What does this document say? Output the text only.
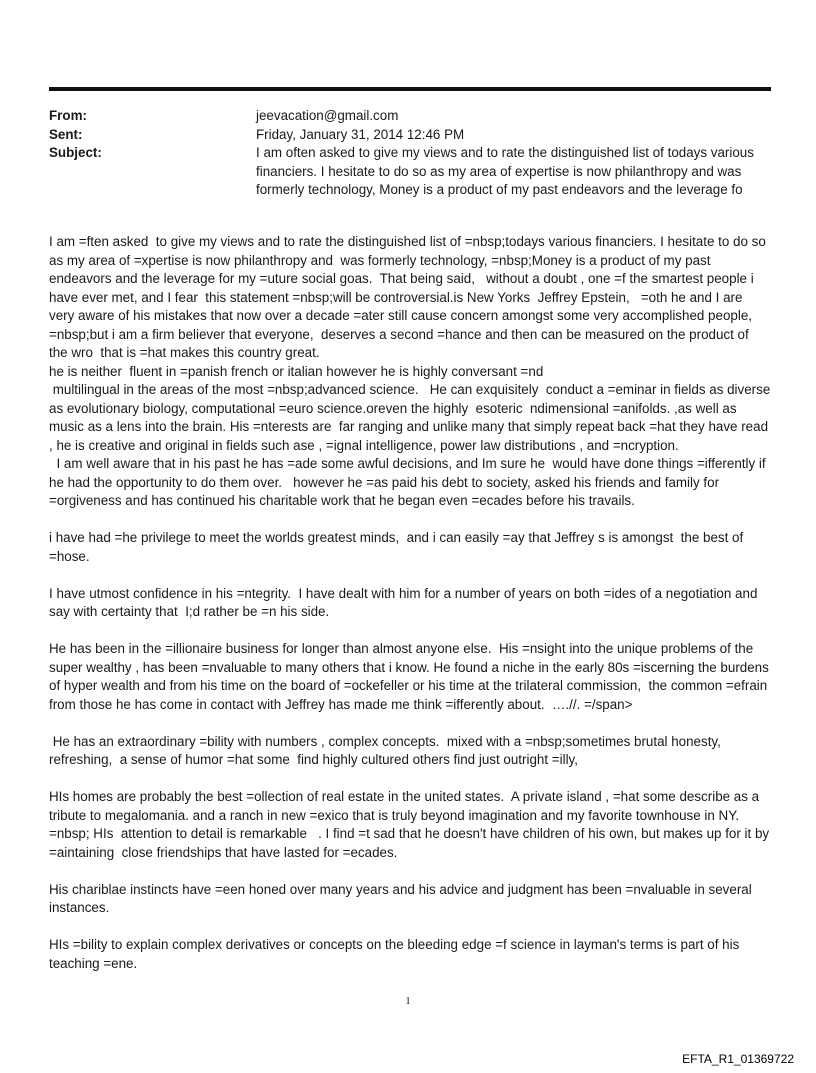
From:	jeevacation@gmail.com
Sent:	Friday, January 31, 2014 12:46 PM
Subject:	I am often asked to give my views and to rate the distinguished list of todays various financiers. I hesitate to do so as my area of expertise is now philanthropy and was formerly technology, Money is a product of my past endeavors and the leverage fo

I am =ften asked  to give my views and to rate the distinguished list of =nbsp;todays various financiers. I hesitate to do so as my area of =xpertise is now philanthropy and  was formerly technology, =nbsp;Money is a product of my past endeavors and the leverage for my =uture social goas.  That being said,   without a doubt , one =f the smartest people i have ever met, and I fear  this statement =nbsp;will be controversial.is New Yorks  Jeffrey Epstein,   =oth he and I are very aware of his mistakes that now over a decade =ater still cause concern amongst some very accomplished people, =nbsp;but i am a firm believer that everyone,  deserves a second =hance and then can be measured on the product of the wro  that is =hat makes this country great.

he is neither  fluent in =panish french or italian however he is highly conversant =nd

multilingual in the areas of the most =nbsp;advanced science.   He can exquisitely  conduct a =eminar in fields as diverse as evolutionary biology, computational =euro science.oreven the highly  esoteric  ndimensional =anifolds. ,as well as music as a lens into the brain. His =nterests are  far ranging and unlike many that simply repeat back =hat they have read , he is creative and original in fields such ase , =ignal intelligence, power law distributions , and =ncryption.

I am well aware that in his past he has =ade some awful decisions, and Im sure he  would have done things =ifferently if he had the opportunity to do them over.   however he =as paid his debt to society, asked his friends and family for =orgiveness and has continued his charitable work that he began even =ecades before his travails.

i have had =he privilege to meet the worlds greatest minds,  and i can easily =ay that Jeffrey s is amongst  the best of =hose.

I have utmost confidence in his =ntegrity.  I have dealt with him for a number of years on both =ides of a negotiation and say with certainty that  I;d rather be =n his side.

He has been in the =illionaire business for longer than almost anyone else.  His =nsight into the unique problems of the super wealthy , has been =nvaluable to many others that i know. He found a niche in the early 80s =iscerning the burdens of hyper wealth and from his time on the board of =ockefeller or his time at the trilateral commission,  the common =efrain from those he has come in contact with Jeffrey has made me think =ifferently about.  ….//. =/span>

He has an extraordinary =bility with numbers , complex concepts.  mixed with a =nbsp;sometimes brutal honesty, refreshing,  a sense of humor =hat some  find highly cultured others find just outright =illy,

HIs homes are probably the best =ollection of real estate in the united states.  A private island , =hat some describe as a tribute to megalomania. and a ranch in new =exico that is truly beyond imagination and my favorite townhouse in NY. =nbsp; HIs  attention to detail is remarkable   . I find =t sad that he doesn't have children of his own, but makes up for it by =aintaining  close friendships that have lasted for =ecades.

His chariblae instincts have =een honed over many years and his advice and judgment has been =nvaluable in several instances.

HIs =bility to explain complex derivatives or concepts on the bleeding edge =f science in layman's terms is part of his teaching =ene.

1
EFTA_R1_01369722
